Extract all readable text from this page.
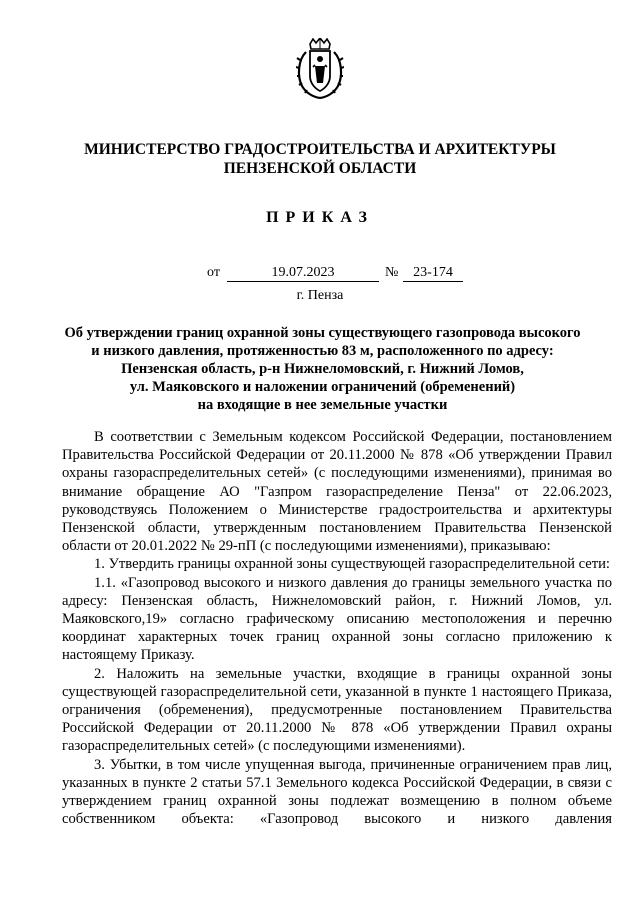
МИНИСТЕРСТВО ГРАДОСТРОИТЕЛЬСТВА И АРХИТЕКТУРЫ
ПЕНЗЕНСКОЙ ОБЛАСТИ
ПРИКАЗ
от	19.07.2023	№	23-174
г. Пенза
Об утверждении границ охранной зоны существующего газопровода высокого
и низкого давления, протяженностью 83 м, расположенного по адресу:
Пензенская область, р-н Нижнеломовский, г. Нижний Ломов,
ул. Маяковского и наложении ограничений (обременений)
на входящие в нее земельные участки

В соответствии с Земельным кодексом Российской Федерации, постановлением Правительства Российской Федерации от 20.11.2000 № 878 «Об утверждении Правил охраны газораспределительных сетей» (с последующими изменениями), принимая во внимание обращение АО "Газпром газораспределение Пенза" от 22.06.2023, руководствуясь Положением о Министерстве градостроительства и архитектуры Пензенской области, утвержденным постановлением Правительства Пензенской области от 20.01.2022 № 29-пП (с последующими изменениями), приказываю:

1. Утвердить границы охранной зоны существующей газораспределительной сети:

1.1. «Газопровод высокого и низкого давления до границы земельного участка по адресу: Пензенская область, Нижнеломовский район, г. Нижний Ломов, ул. Маяковского,19» согласно графическому описанию местоположения и перечню координат характерных точек границ охранной зоны согласно приложению к настоящему Приказу.

2. Наложить на земельные участки, входящие в границы охранной зоны существующей газораспределительной сети, указанной в пункте 1 настоящего Приказа, ограничения (обременения), предусмотренные постановлением Правительства Российской Федерации от 20.11.2000 № 878 «Об утверждении Правил охраны газораспределительных сетей» (с последующими изменениями).

3. Убытки, в том числе упущенная выгода, причиненные ограничением прав лиц, указанных в пункте 2 статьи 57.1 Земельного кодекса Российской Федерации, в связи с утверждением границ охранной зоны подлежат возмещению в полном объеме собственником объекта: «Газопровод высокого и низкого давления
